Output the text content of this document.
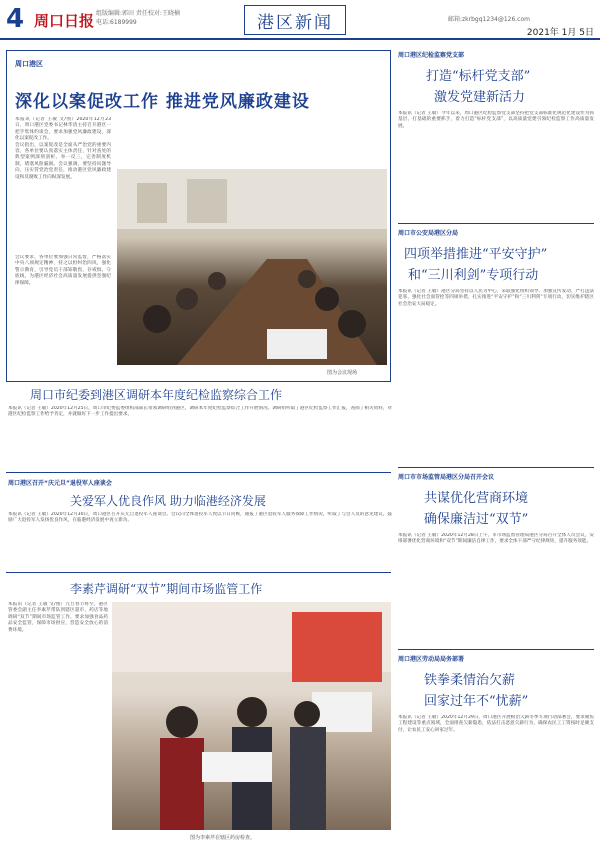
4 周口日报 组版编辑:郭田 责任校对:王晓楠
电话:6189999	港区新闻	邮箱:zkrbgq1234@126.com
2021年 1月 5日
周口港区
深化以案促改工作 推进党风廉政建设

本报讯（记者 王敏 文/图）2020年12月23日，周口港区党委书记林华清主持召开港区一把手集体约谈会，要求加强党风廉政建设，深化以案促改工作。

会议指出，以案促改是全面从严治党的重要内容，各单位要认真落实主体责任，针对查处的典型案例深刻剖析、举一反三，完善制度机制，堵塞风险漏洞。会议强调，要坚持问题导向，压实管党治党责任，推动港区党风廉政建设和反腐败工作向纵深发展。

图为会议现场
会议要求，各单位要加强日常监督，严格落实中央八项规定精神，持之以恒纠治四风，强化警示教育，引导党员干部知敬畏、存戒惧、守底线，为港区经济社会高质量发展提供坚强纪律保障。
周口市纪委到港区调研本年度纪检监察综合工作
本报讯（记者 王敏）2020年12月25日，周口市纪委监委组织部部长带领调研组到港区，调研本年度纪检监察综合工作开展情况。调研组听取了港区纪检监察工作汇报，查阅了相关资料，对港区纪检监察工作给予肯定，并就做好下一步工作提出要求。
周口港区召开“庆元旦”退役军人座谈会
关爱军人优良作风 助力临港经济发展
本报讯（记者 王敏）2020年12月30日，周口港区召开庆元旦退役军人座谈会。会议向全体退役军人致以节日问候，通报了港区退役军人服务保障工作情况，听取了与会人员的意见建议，鼓励广大退役军人发扬优良作风，在临港经济发展中再立新功。
李素芹调研“双节”期间市场监管工作
本报讯（记者 王敏 文/图）元旦春节将至，港区管委会副主任李素芹带队到辖区超市、药店等地调研“双节”期间市场监管工作，要求加强食品药品安全监管，保障市场供应，营造安全放心的消费环境。
图为李素芹在辖区药房检查。
周口港区纪检监察党支部
打造“标杆党支部”
激发党建新活力
本报讯（记者 王敏）今年以来，周口港区纪检监察党支部坚持把党支部标准化规范化建设作为抓基层、打基础的重要抓手，着力打造“标杆党支部”，以高质量党建引领纪检监察工作高质量发展。
周口市公安局港区分局
四项举措推进“平安守护”
和“三川利剑”专项行动
本报讯（记者 王敏）港区分局坚持以人民为中心，采取强化组织领导、加强宣传发动、严打违法犯罪、强化社会面管控等四项举措，扎实推进“平安守护”和“三川利剑”专项行动，切实维护辖区社会治安大局稳定。
周口市市场监管局港区分局召开会议
共谋优化营商环境
确保廉洁过“双节”
本报讯（记者 王敏）2020年12月28日上午，市市场监督管理局港区分局召开全体人员会议，安排部署优化营商环境和“双节”期间廉洁自律工作，要求全体干部严守纪律规矩，提升服务效能。
周口港区劳动局局务部署
铁拳柔情治欠薪
回家过年不“忧薪”
本报讯（记者 王敏）2020年12月29日，周口港区开展根治欠薪冬季专项行动部署会，要求聚焦工程建设等重点领域，全面排查欠薪隐患，依法打击恶意欠薪行为，确保农民工工资按时足额支付，让农民工安心回家过年。
